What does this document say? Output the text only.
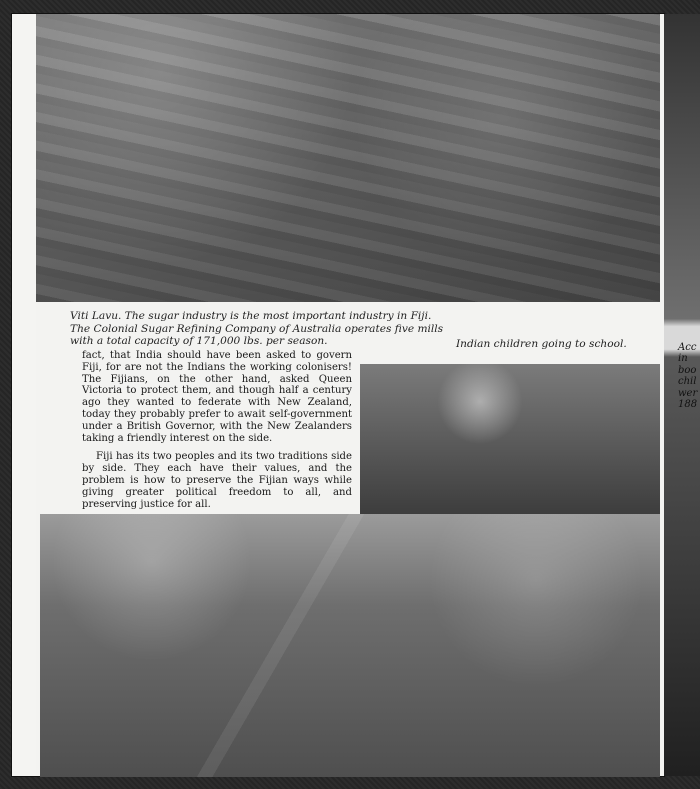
Viti Lavu. The sugar industry is the most important industry in Fiji.
The Colonial Sugar Refining Company of Australia operates five mills
with a total capacity of 171,000 lbs. per season.	Indian children going to school.

fact, that India should have been asked to govern Fiji, for are not the Indians the working colonisers! The Fijians, on the other hand, asked Queen Victoria to protect them, and though half a century ago they wanted to federate with New Zealand, today they probably prefer to await self-government under a British Governor, with the New Zealanders taking a friendly interest on the side.

Fiji has its two peoples and its two traditions side by side. They each have their values, and the problem is how to preserve the Fijian ways while giving greater political freedom to all, and preserving justice for all.

Acc
in
boo
chil
wer
188
